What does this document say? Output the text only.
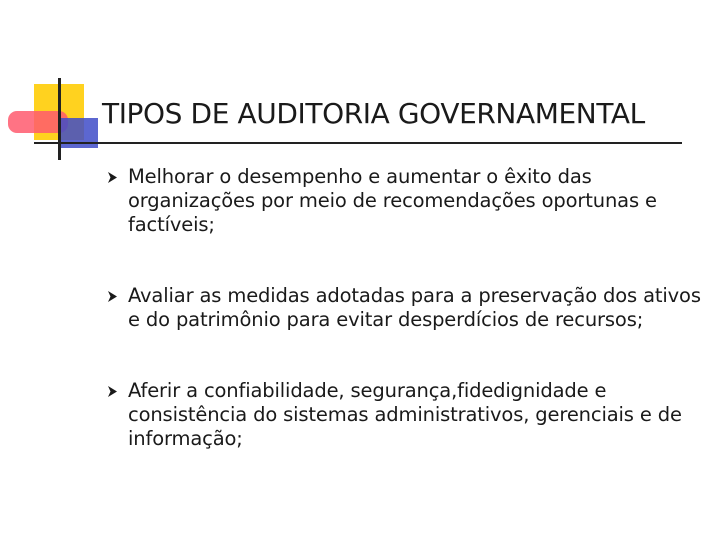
TIPOS DE AUDITORIA GOVERNAMENTAL
Melhorar o desempenho e aumentar o êxito das organizações por meio de recomendações oportunas e factíveis;
Avaliar as medidas adotadas para a preservação dos ativos e do patrimônio para evitar desperdícios de recursos;
Aferir a confiabilidade, segurança,fidedignidade e consistência do sistemas administrativos, gerenciais e de informação;
